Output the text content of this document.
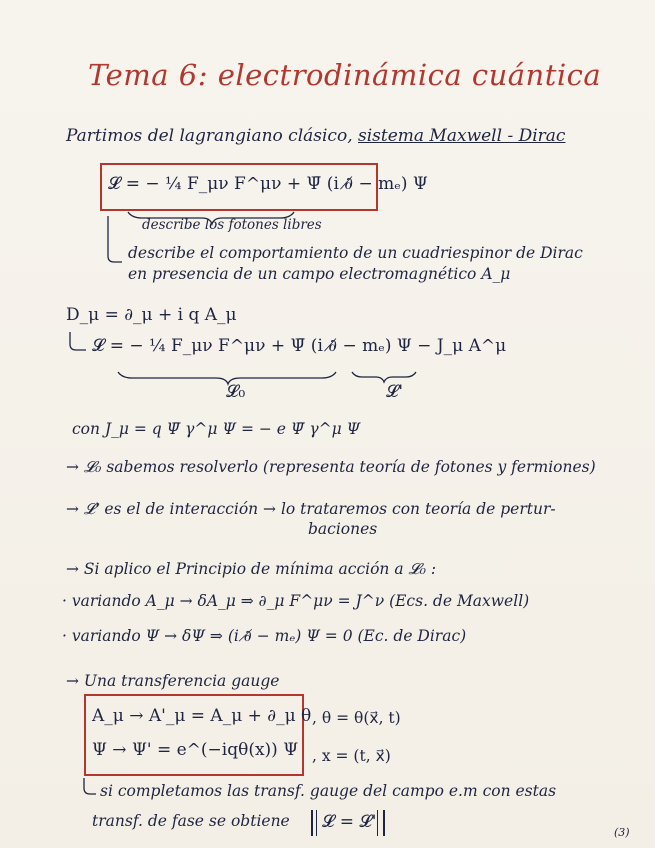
Tema 6: electrodinámica cuántica
Partimos del lagrangiano clásico, sistema Maxwell - Dirac
𝓛 = − ¼ F_μν F^μν + Ψ̄ (i ∂̸ − mₑ) Ψ
describe los fotones libres
describe el comportamiento de un cuadriespinor de Dirac
en presencia de un campo electromagnético A_μ
D_μ = ∂_μ + i q A_μ
𝓛 = − ¼ F_μν F^μν + Ψ̄ (i ∂̸ − mₑ) Ψ − J_μ A^μ
𝓛₀	𝓛'
con J_μ = q Ψ̄ γ^μ Ψ = − e Ψ̄ γ^μ Ψ
→ 𝓛₀ sabemos resolverlo (representa teoría de fotones y fermiones)
→ 𝓛' es el de interacción → lo trataremos con teoría de pertur-
baciones
→ Si aplico el Principio de mínima acción a 𝓛₀ :
· variando A_μ → δA_μ ⇒ ∂_μ F^μν = J^ν (Ecs. de Maxwell)
· variando Ψ → δΨ ⇒ (i ∂̸ − mₑ) Ψ = 0 (Ec. de Dirac)
→ Una transferencia gauge
A_μ → A'_μ = A_μ + ∂_μ θ , θ = θ(x⃗, t)
Ψ → Ψ' = e^(−iqθ(x)) Ψ , x = (t, x⃗)
si completamos las transf. gauge del campo e.m con estas
transf. de fase se obtiene 𝓛 = 𝓛'
(3)
